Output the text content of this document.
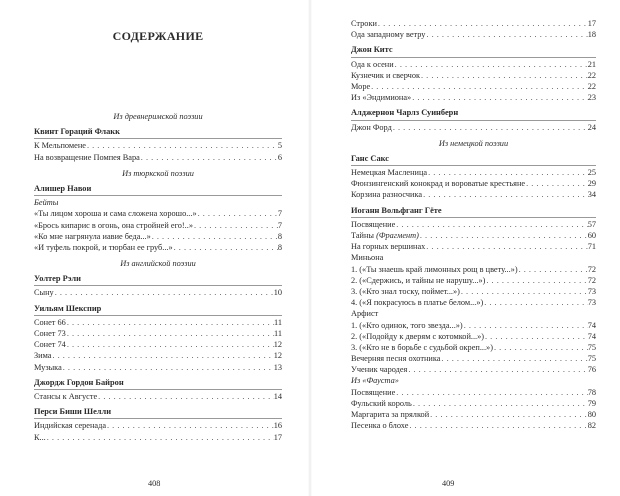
СОДЕРЖАНИЕ
Из древнеримской поэзии
Квинт Гораций Флакк
К Мельпомене . . .	5
На возвращение Помпея Вара . . .	6
Из тюркской поэзии
Алишер Навои
Бейты
«Ты лицом хороша и сама сложена хорошо...» . . .	7
«Брось кипарис в огонь, она стройней его!..» . . .	7
«Ко мне нагрянула иавие беда...» . . .	8
«И туфель покрой, и тюрбан ее груб...» . . .	8
Из английской поэзии
Уолтер Рэли
Сыну . . .	10
Уильям Шекспир
Сонет 66 . . .	11
Сонет 73 . . .	11
Сонет 74 . . .	12
Зима . . .	12
Музыка . . .	13
Джордж Гордон Байрон
Стансы к Августе . . .	14
Перси Биши Шелли
Индийская серенада . . .	16
К... . . .	17
408
Строки . . .	17
Ода западному ветру . . .	18
Джон Китс
Ода к осени . . .	21
Кузнечик и сверчок . . .	22
Море . . .	22
Из «Эндимиона» . . .	23
Алджернон Чарлз Суинберн
Джон Форд . . .	24
Из немецкой поэзии
Ганс Сакс
Немецкая Масленица . . .	25
Фюнзингенский конокрад и вороватые крестьяне . . .	29
Корзина разносчика . . .	34
Иоганн Вольфганг Гёте
Посвящение . . .	57
Тайны (Фрагмент) . . .	60
На горных вершинах . . .	71
Миньона
1. («Ты знаешь край лимонных рощ в цвету...») . . .	72
2. («Сдержись, и тайны не нарушу...») . . .	72
3. («Кто знал тоску, поймет...») . . .	73
4. («Я покрасуюсь в платье белом...») . . .	73
Арфист
1. («Кто одинок, того звезда...») . . .	74
2. («Подойду к дверям с котомкой...») . . .	74
3. («Кто не в борьбе с судьбой окреп...») . . .	75
Вечерняя песня охотника . . .	75
Ученик чародея . . .	76
Из «Фауста»
Посвящение . . .	78
Фульский король . . .	79
Маргарита за прялкой . . .	80
Песенка о блохе . . .	82
409
